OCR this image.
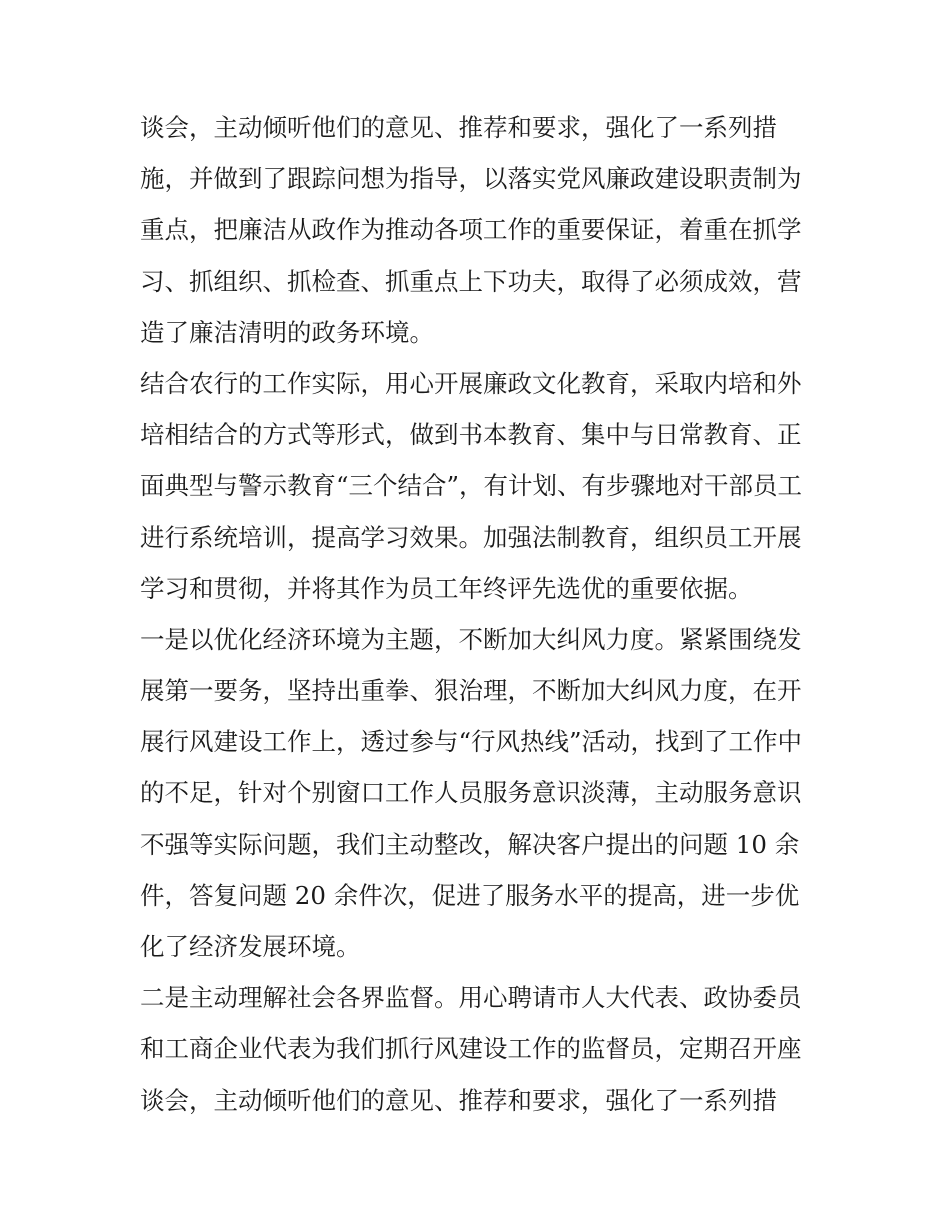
谈会，主动倾听他们的意见、推荐和要求，强化了一系列措
施，并做到了跟踪问想为指导，以落实党风廉政建设职责制为
重点，把廉洁从政作为推动各项工作的重要保证，着重在抓学
习、抓组织、抓检查、抓重点上下功夫，取得了必须成效，营
造了廉洁清明的政务环境。
结合农行的工作实际，用心开展廉政文化教育，采取内培和外
培相结合的方式等形式，做到书本教育、集中与日常教育、正
面典型与警示教育“三个结合”，有计划、有步骤地对干部员工
进行系统培训，提高学习效果。加强法制教育，组织员工开展
学习和贯彻，并将其作为员工年终评先选优的重要依据。
一是以优化经济环境为主题，不断加大纠风力度。紧紧围绕发
展第一要务，坚持出重拳、狠治理，不断加大纠风力度，在开
展行风建设工作上，透过参与“行风热线”活动，找到了工作中
的不足，针对个别窗口工作人员服务意识淡薄，主动服务意识
不强等实际问题，我们主动整改，解决客户提出的问题 10 余
件，答复问题 20 余件次，促进了服务水平的提高，进一步优
化了经济发展环境。
二是主动理解社会各界监督。用心聘请市人大代表、政协委员
和工商企业代表为我们抓行风建设工作的监督员，定期召开座
谈会，主动倾听他们的意见、推荐和要求，强化了一系列措
